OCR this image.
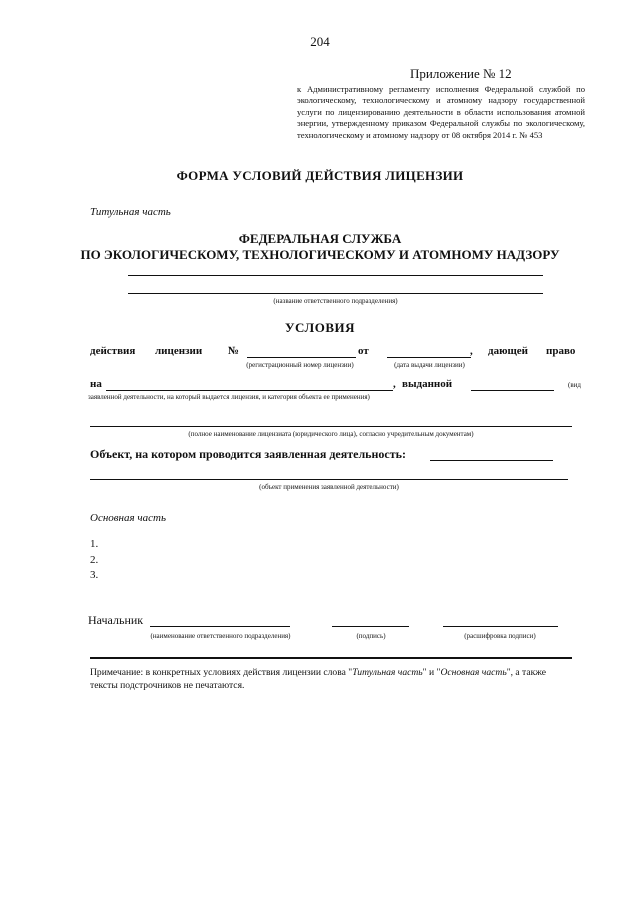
204
Приложение № 12
к Административному регламенту исполнения Федеральной службой по экологическому, технологическому и атомному надзору государственной услуги по лицензированию деятельности в области использования атомной энергии, утвержденному приказом Федеральной службы по экологическому, технологическому и атомному надзору от 08 октября 2014 г. № 453
ФОРМА УСЛОВИЙ ДЕЙСТВИЯ ЛИЦЕНЗИИ
Титульная часть
ФЕДЕРАЛЬНАЯ СЛУЖБА
ПО ЭКОЛОГИЧЕСКОМУ, ТЕХНОЛОГИЧЕСКОМУ И АТОМНОМУ НАДЗОРУ
(название ответственного подразделения)
УСЛОВИЯ
действия лицензии №	от	, дающей право
(регистрационный номер лицензии)	(дата выдачи лицензии)
на	, выданной	(вид
заявленной деятельности, на который выдается лицензия, и категория объекта ее применения)
(полное наименование лицензиата (юридического лица), согласно учредительным документам)
Объект, на котором проводится заявленная деятельность:
(объект применения заявленной деятельности)
Основная часть
1.
2.
3.
Начальник
(наименование ответственного подразделения)	(подпись)	(расшифровка подписи)
Примечание: в конкретных условиях действия лицензии слова "Титульная часть" и "Основная часть", а также тексты подстрочников не печатаются.
